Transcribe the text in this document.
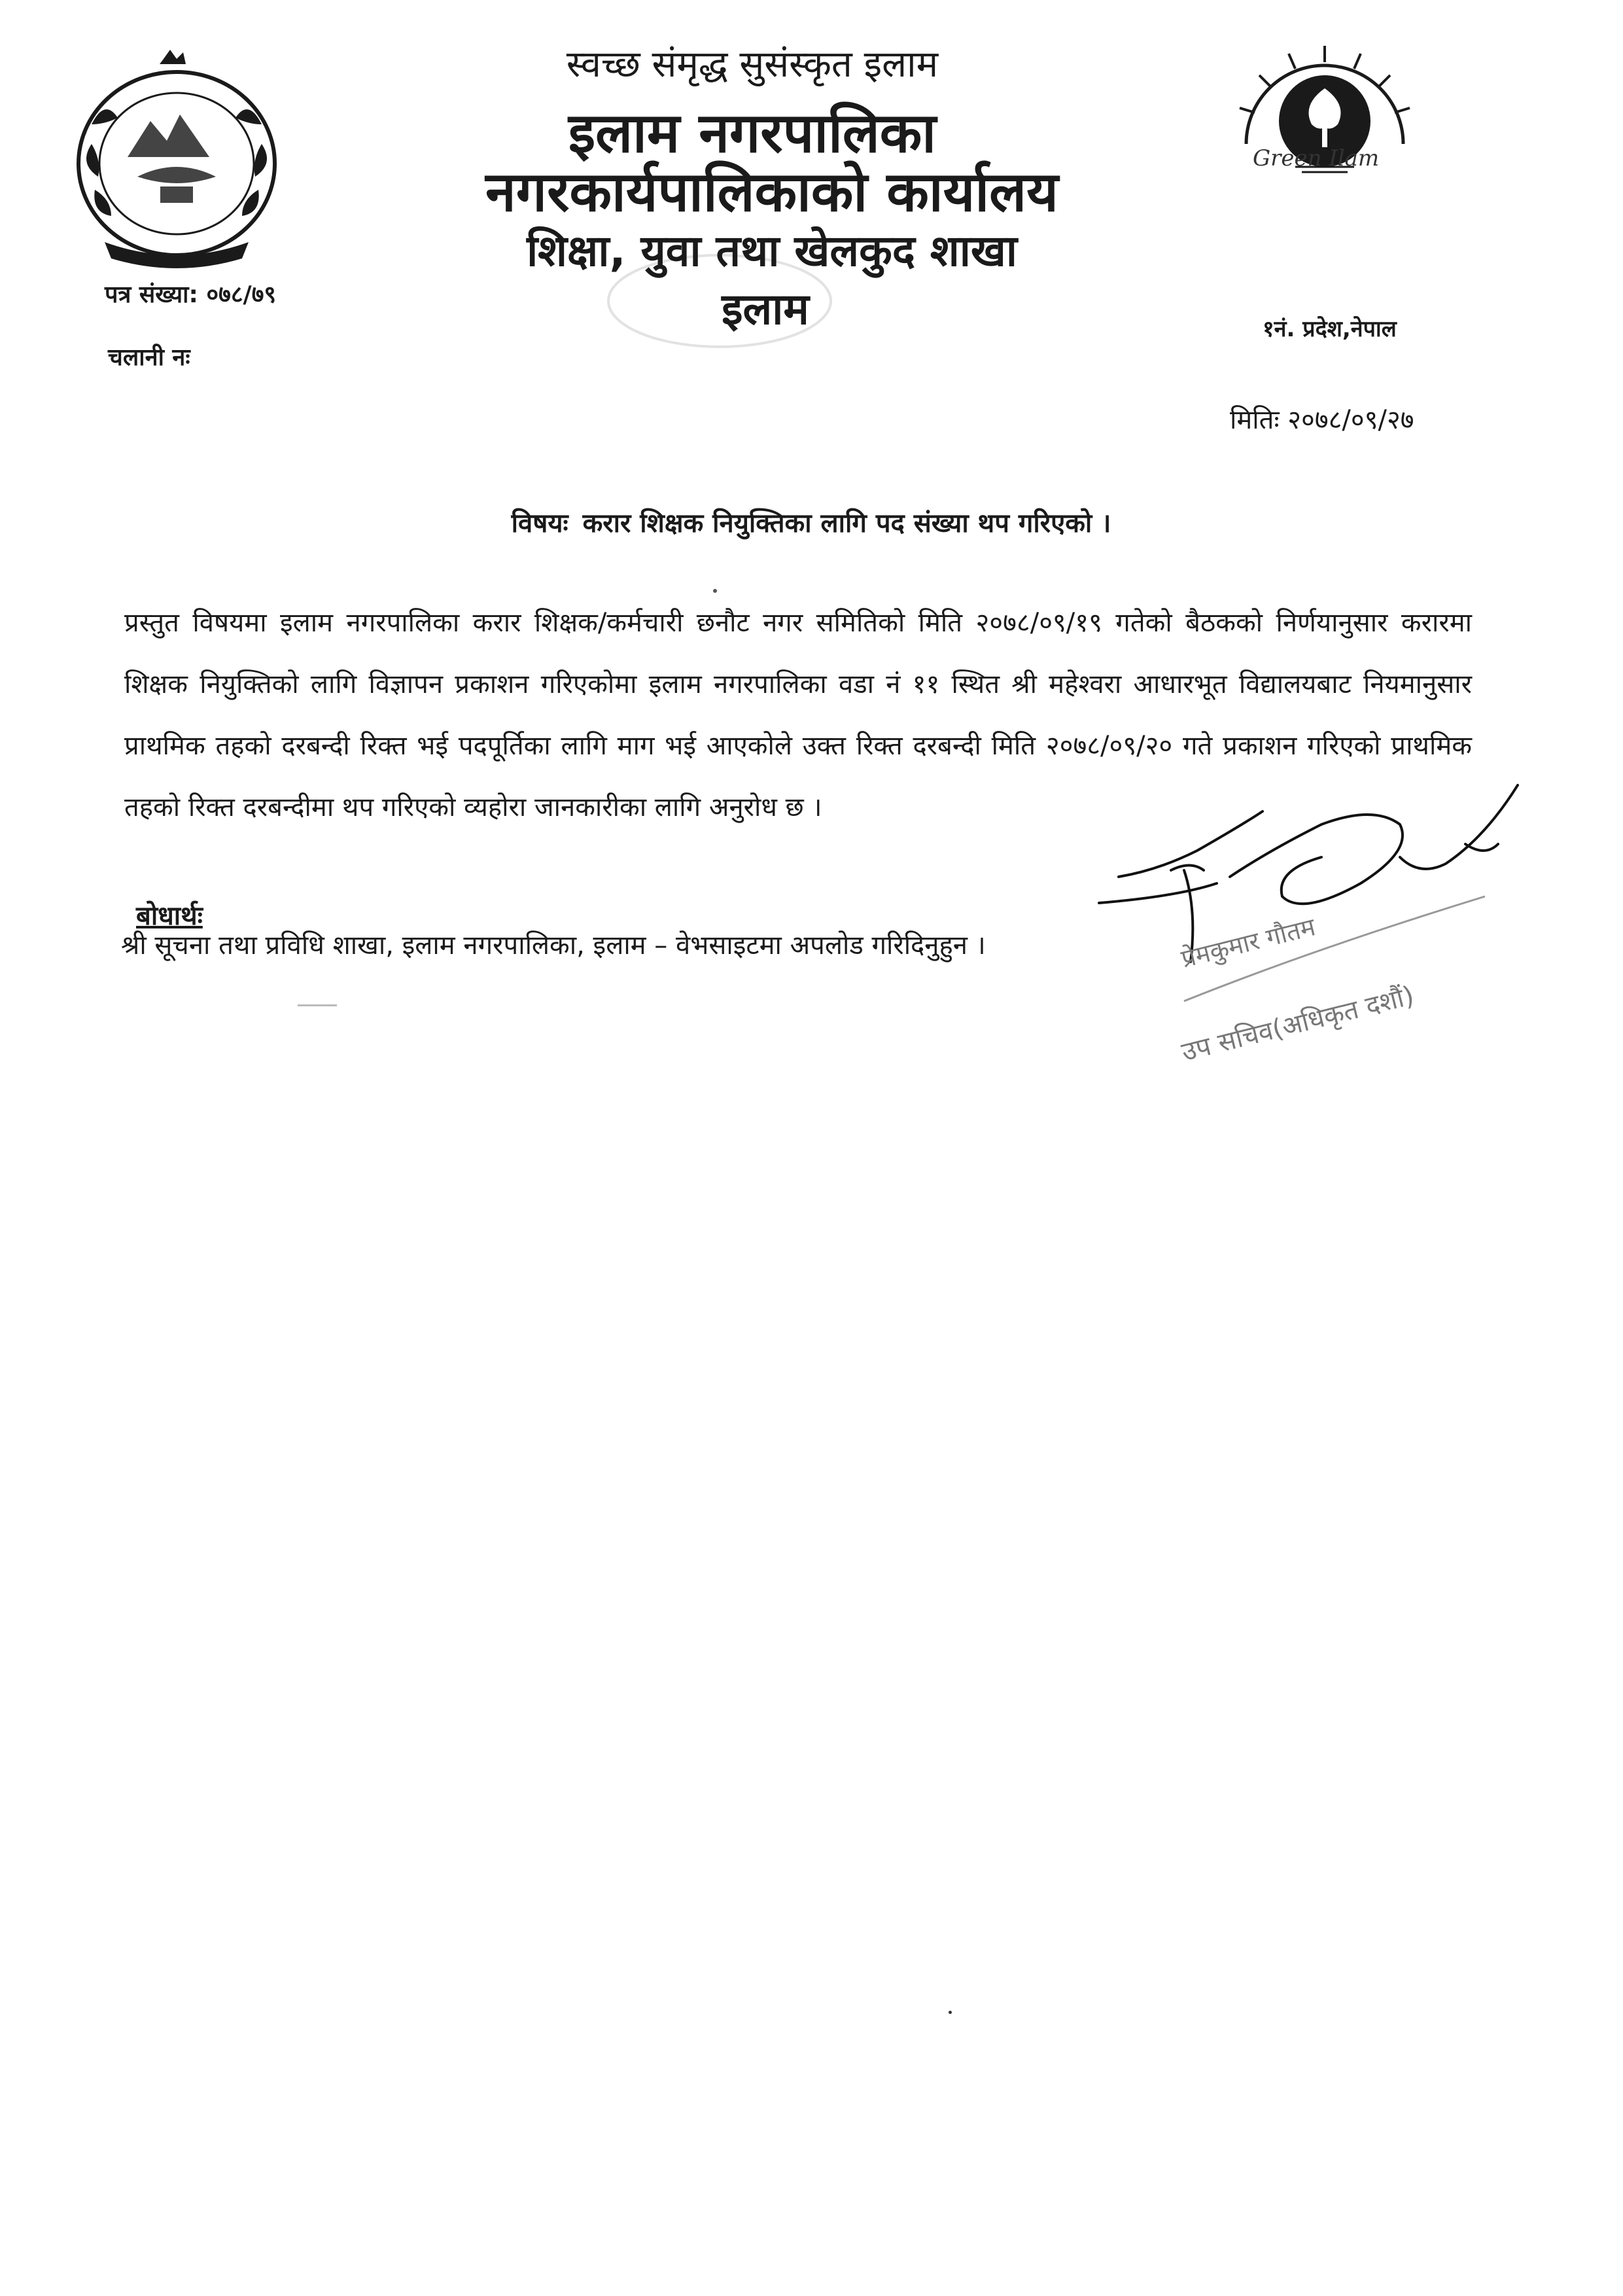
Green Ilam
स्वच्छ संमृद्ध सुसंस्कृत इलाम
इलाम नगरपालिका
नगरकार्यपालिकाको कार्यालय
शिक्षा, युवा तथा खेलकुद शाखा
इलाम
पत्र संख्या: ०७८/७९
चलानी नः
१नं. प्रदेश,नेपाल
मितिः २०७८/०९/२७
विषयः करार शिक्षक नियुक्तिका लागि पद संख्या थप गरिएको ।
प्रस्तुत विषयमा इलाम नगरपालिका करार शिक्षक/कर्मचारी छनौट नगर समितिको मिति २०७८/०९/१९ गतेको बैठकको निर्णयानुसार करारमा शिक्षक नियुक्तिको लागि विज्ञापन प्रकाशन गरिएकोमा इलाम नगरपालिका वडा नं ११ स्थित श्री महेश्वरा आधारभूत विद्यालयबाट नियमानुसार प्राथमिक तहको दरबन्दी रिक्त भई पदपूर्तिका लागि माग भई आएकोले उक्त रिक्त दरबन्दी मिति २०७८/०९/२० गते प्रकाशन गरिएको प्राथमिक तहको रिक्त दरबन्दीमा थप गरिएको व्यहोरा जानकारीका लागि अनुरोध छ ।
बोधार्थः
श्री सूचना तथा प्रविधि शाखा, इलाम नगरपालिका, इलाम – वेभसाइटमा अपलोड गरिदिनुहुन ।	प्रेमकुमार गौतम
उप सचिव(अधिकृत दशौं)
